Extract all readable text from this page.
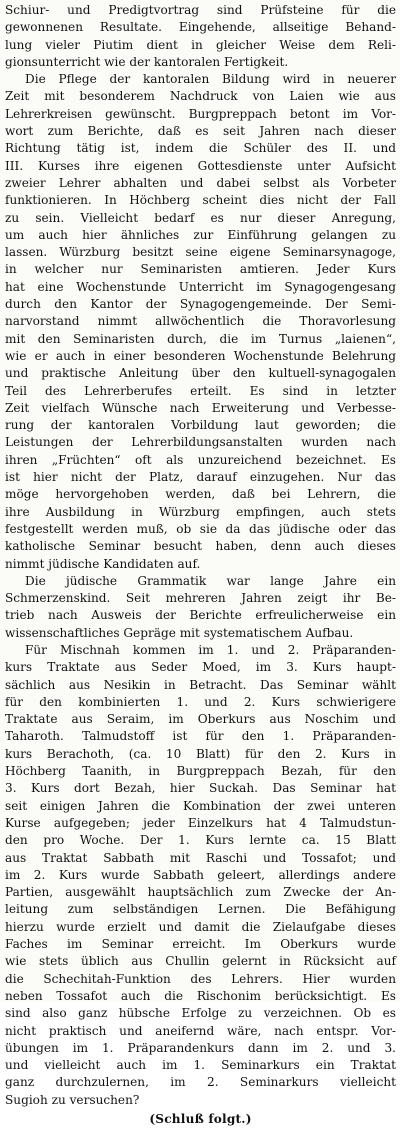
Schiur- und Predigtvortrag sind Prüfsteine für die
gewonnenen Resultate. Eingehende, allseitige Behand-
lung vieler Piutim dient in gleicher Weise dem Reli-
gionsunterricht wie der kantoralen Fertigkeit.
Die Pflege der kantoralen Bildung wird in neuerer
Zeit mit besonderem Nachdruck von Laien wie aus
Lehrerkreisen gewünscht. Burgpreppach betont im Vor-
wort zum Berichte, daß es seit Jahren nach dieser
Richtung tätig ist, indem die Schüler des II. und
III. Kurses ihre eigenen Gottesdienste unter Aufsicht
zweier Lehrer abhalten und dabei selbst als Vorbeter
funktionieren. In Höchberg scheint dies nicht der Fall
zu sein. Vielleicht bedarf es nur dieser Anregung,
um auch hier ähnliches zur Einführung gelangen zu
lassen. Würzburg besitzt seine eigene Seminarsynagoge,
in welcher nur Seminaristen amtieren. Jeder Kurs
hat eine Wochenstunde Unterricht im Synagogengesang
durch den Kantor der Synagogengemeinde. Der Semi-
narvorstand nimmt allwöchentlich die Thoravorlesung
mit den Seminaristen durch, die im Turnus „laienen“,
wie er auch in einer besonderen Wochenstunde Belehrung
und praktische Anleitung über den kultuell-synagogalen
Teil des Lehrerberufes erteilt. Es sind in letzter
Zeit vielfach Wünsche nach Erweiterung und Verbesse-
rung der kantoralen Vorbildung laut geworden; die
Leistungen der Lehrerbildungsanstalten wurden nach
ihren „Früchten“ oft als unzureichend bezeichnet. Es
ist hier nicht der Platz, darauf einzugehen. Nur das
möge hervorgehoben werden, daß bei Lehrern, die
ihre Ausbildung in Würzburg empfingen, auch stets
festgestellt werden muß, ob sie da das jüdische oder das
katholische Seminar besucht haben, denn auch dieses
nimmt jüdische Kandidaten auf.
Die jüdische Grammatik war lange Jahre ein
Schmerzenskind. Seit mehreren Jahren zeigt ihr Be-
trieb nach Ausweis der Berichte erfreulicherweise ein
wissenschaftliches Gepräge mit systematischem Aufbau.
Für Mischnah kommen im 1. und 2. Präparanden-
kurs Traktate aus Seder Moed, im 3. Kurs haupt-
sächlich aus Nesikin in Betracht. Das Seminar wählt
für den kombinierten 1. und 2. Kurs schwierigere
Traktate aus Seraim, im Oberkurs aus Noschim und
Taharoth. Talmudstoff ist für den 1. Präparanden-
kurs Berachoth, (ca. 10 Blatt) für den 2. Kurs in
Höchberg Taanith, in Burgpreppach Bezah, für den
3. Kurs dort Bezah, hier Suckah. Das Seminar hat
seit einigen Jahren die Kombination der zwei unteren
Kurse aufgegeben; jeder Einzelkurs hat 4 Talmudstun-
den pro Woche. Der 1. Kurs lernte ca. 15 Blatt
aus Traktat Sabbath mit Raschi und Tossafot; und
im 2. Kurs wurde Sabbath geleert, allerdings andere
Partien, ausgewählt hauptsächlich zum Zwecke der An-
leitung zum selbständigen Lernen. Die Befähigung
hierzu wurde erzielt und damit die Zielaufgabe dieses
Faches im Seminar erreicht. Im Oberkurs wurde
wie stets üblich aus Chullin gelernt in Rücksicht auf
die Schechitah-Funktion des Lehrers. Hier wurden
neben Tossafot auch die Rischonim berücksichtigt. Es
sind also ganz hübsche Erfolge zu verzeichnen. Ob es
nicht praktisch und aneifernd wäre, nach entspr. Vor-
übungen im 1. Präparandenkurs dann im 2. und 3.
und vielleicht auch im 1. Seminarkurs ein Traktat
ganz durchzulernen, im 2. Seminarkurs vielleicht
Sugioh zu versuchen?
(Schluß folgt.)
